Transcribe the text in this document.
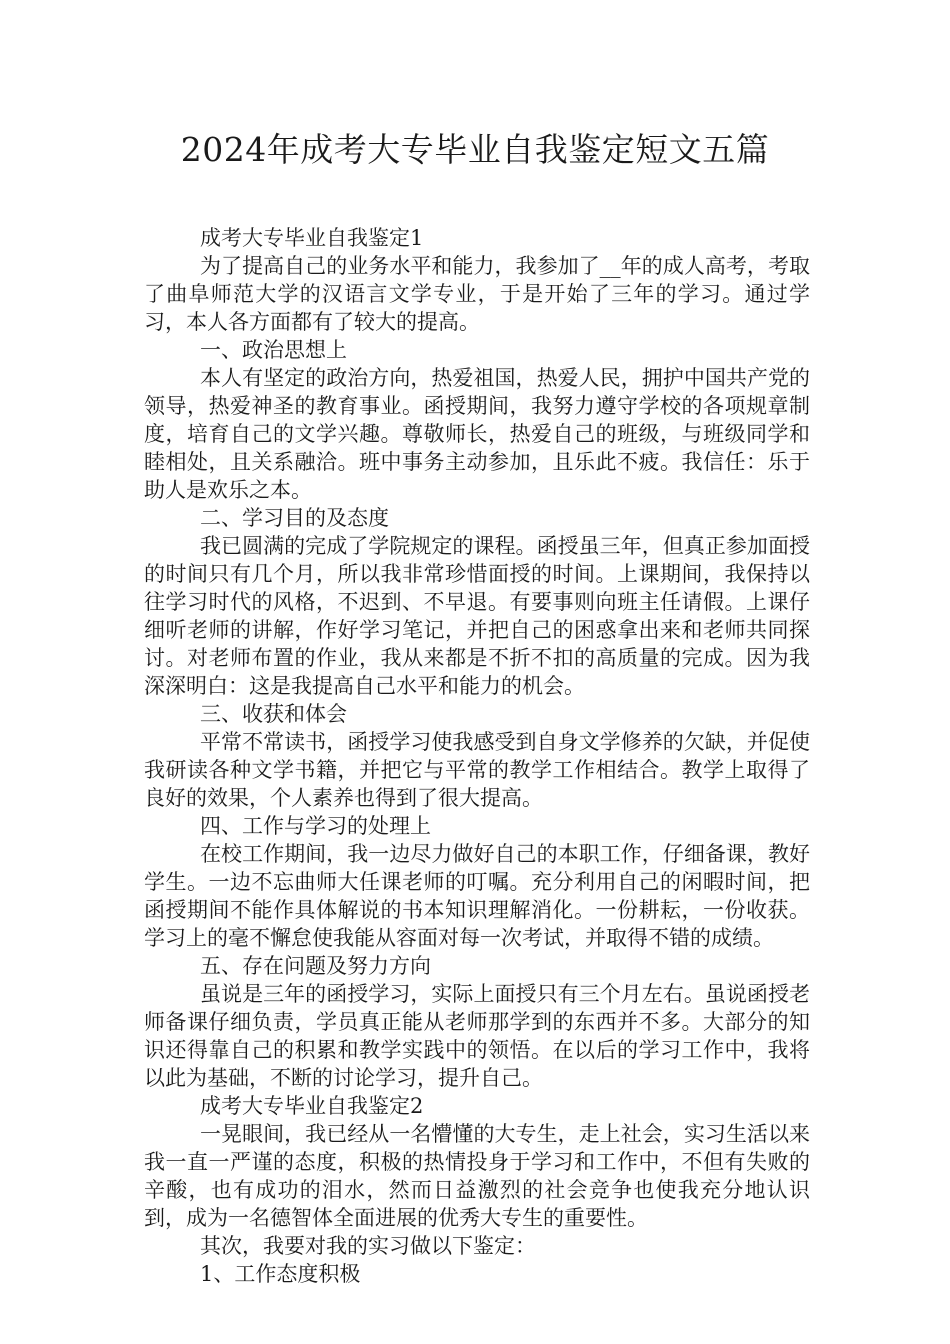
2024年成考大专毕业自我鉴定短文五篇

成考大专毕业自我鉴定1

为了提高自己的业务水平和能力，我参加了__年的成人高考，考取了曲阜师范大学的汉语言文学专业，于是开始了三年的学习。通过学习，本人各方面都有了较大的提高。

一、政治思想上

本人有坚定的政治方向，热爱祖国，热爱人民，拥护中国共产党的领导，热爱神圣的教育事业。函授期间，我努力遵守学校的各项规章制度，培育自己的文学兴趣。尊敬师长，热爱自己的班级，与班级同学和睦相处，且关系融洽。班中事务主动参加，且乐此不疲。我信任：乐于助人是欢乐之本。

二、学习目的及态度

我已圆满的完成了学院规定的课程。函授虽三年，但真正参加面授的时间只有几个月，所以我非常珍惜面授的时间。上课期间，我保持以往学习时代的风格，不迟到、不早退。有要事则向班主任请假。上课仔细听老师的讲解，作好学习笔记，并把自己的困惑拿出来和老师共同探讨。对老师布置的作业，我从来都是不折不扣的高质量的完成。因为我深深明白：这是我提高自己水平和能力的机会。

三、收获和体会

平常不常读书，函授学习使我感受到自身文学修养的欠缺，并促使我研读各种文学书籍，并把它与平常的教学工作相结合。教学上取得了良好的效果，个人素养也得到了很大提高。

四、工作与学习的处理上

在校工作期间，我一边尽力做好自己的本职工作，仔细备课，教好学生。一边不忘曲师大任课老师的叮嘱。充分利用自己的闲暇时间，把函授期间不能作具体解说的书本知识理解消化。一份耕耘，一份收获。学习上的毫不懈怠使我能从容面对每一次考试，并取得不错的成绩。

五、存在问题及努力方向

虽说是三年的函授学习，实际上面授只有三个月左右。虽说函授老师备课仔细负责，学员真正能从老师那学到的东西并不多。大部分的知识还得靠自己的积累和教学实践中的领悟。在以后的学习工作中，我将以此为基础，不断的讨论学习，提升自己。

成考大专毕业自我鉴定2

一晃眼间，我已经从一名懵懂的大专生，走上社会，实习生活以来我一直一严谨的态度，积极的热情投身于学习和工作中，不但有失败的辛酸，也有成功的泪水，然而日益激烈的社会竞争也使我充分地认识到，成为一名德智体全面进展的优秀大专生的重要性。

其次，我要对我的实习做以下鉴定：

1、工作态度积极
